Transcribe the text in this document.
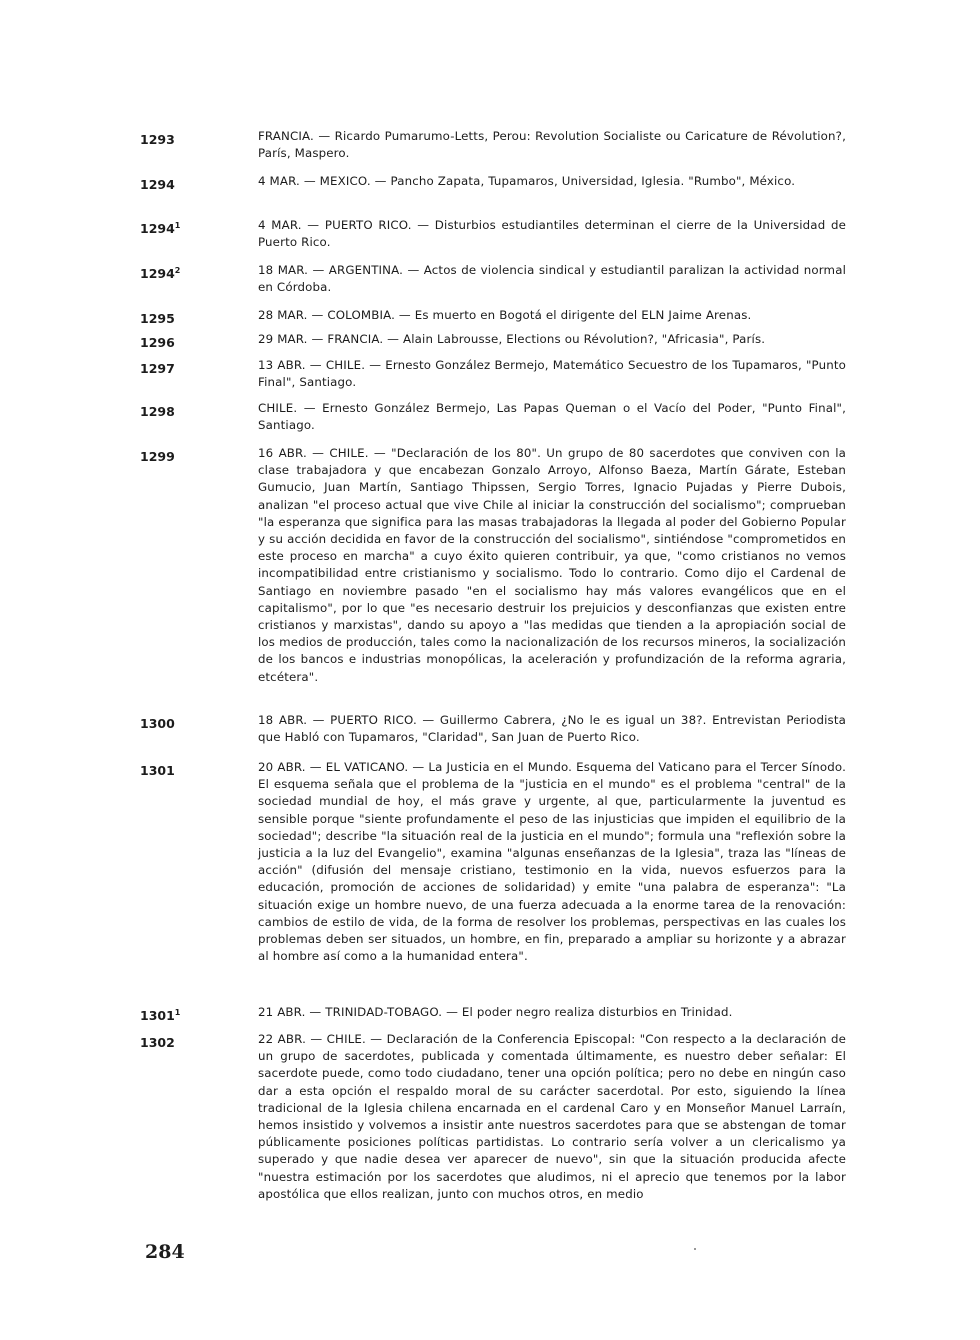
1293	FRANCIA. — Ricardo Pumarumo-Letts, Perou: Revolution Socialiste ou Caricature de Révolution?, París, Maspero.
1294	4 MAR. — MEXICO. — Pancho Zapata, Tupamaros, Universidad, Iglesia. "Rumbo", México.
1294$^1$	4 MAR. — PUERTO RICO. — Disturbios estudiantiles determinan el cierre de la Universidad de Puerto Rico.
1294$^2$	18 MAR. — ARGENTINA. — Actos de violencia sindical y estudiantil paralizan la actividad normal en Córdoba.
1295	28 MAR. — COLOMBIA. — Es muerto en Bogotá el dirigente del ELN Jaime Arenas.
1296	29 MAR. — FRANCIA. — Alain Labrousse, Elections ou Révolution?, "Africasia", París.
1297	13 ABR. — CHILE. — Ernesto González Bermejo, Matemático Secuestro de los Tupamaros, "Punto Final", Santiago.
1298	CHILE. — Ernesto González Bermejo, Las Papas Queman o el Vacío del Poder, "Punto Final", Santiago.
1299	16 ABR. — CHILE. — "Declaración de los 80". Un grupo de 80 sacerdotes que conviven con la clase trabajadora y que encabezan Gonzalo Arroyo, Alfonso Baeza, Martín Gárate, Esteban Gumucio, Juan Martín, Santiago Thipssen, Sergio Torres, Ignacio Pujadas y Pierre Dubois, analizan "el proceso actual que vive Chile al iniciar la construcción del socialismo"; comprueban "la esperanza que significa para las masas trabajadoras la llegada al poder del Gobierno Popular y su acción decidida en favor de la construcción del socialismo", sintiéndose "comprometidos en este proceso en marcha" a cuyo éxito quieren contribuir, ya que, "como cristianos no vemos incompatibilidad entre cristianismo y socialismo. Todo lo contrario. Como dijo el Cardenal de Santiago en noviembre pasado "en el socialismo hay más valores evangélicos que en el capitalismo", por lo que "es necesario destruir los prejuicios y desconfianzas que existen entre cristianos y marxistas", dando su apoyo a "las medidas que tienden a la apropiación social de los medios de producción, tales como la nacionalización de los recursos mineros, la socialización de los bancos e industrias monopólicas, la aceleración y profundización de la reforma agraria, etcétera".
1300	18 ABR. — PUERTO RICO. — Guillermo Cabrera, ¿No le es igual un 38?. Entrevistan Periodista que Habló con Tupamaros, "Claridad", San Juan de Puerto Rico.
1301	20 ABR. — EL VATICANO. — La Justicia en el Mundo. Esquema del Vaticano para el Tercer Sínodo. El esquema señala que el problema de la "justicia en el mundo" es el problema "central" de la sociedad mundial de hoy, el más grave y urgente, al que, particularmente la juventud es sensible porque "siente profundamente el peso de las injusticias que impiden el equilibrio de la sociedad"; describe "la situación real de la justicia en el mundo"; formula una "reflexión sobre la justicia a la luz del Evangelio", examina "algunas enseñanzas de la Iglesia", traza las "líneas de acción" (difusión del mensaje cristiano, testimonio en la vida, nuevos esfuerzos para la educación, promoción de acciones de solidaridad) y emite "una palabra de esperanza": "La situación exige un hombre nuevo, de una fuerza adecuada a la enorme tarea de la renovación: cambios de estilo de vida, de la forma de resolver los problemas, perspectivas en las cuales los problemas deben ser situados, un hombre, en fin, preparado a ampliar su horizonte y a abrazar al hombre así como a la humanidad entera".
1301$^1$	21 ABR. — TRINIDAD-TOBAGO. — El poder negro realiza disturbios en Trinidad.
1302	22 ABR. — CHILE. — Declaración de la Conferencia Episcopal: "Con respecto a la declaración de un grupo de sacerdotes, publicada y comentada últimamente, es nuestro deber señalar: El sacerdote puede, como todo ciudadano, tener una opción política; pero no debe en ningún caso dar a esta opción el respaldo moral de su carácter sacerdotal. Por esto, siguiendo la línea tradicional de la Iglesia chilena encarnada en el cardenal Caro y en Monseñor Manuel Larraín, hemos insistido y volvemos a insistir ante nuestros sacerdotes para que se abstengan de tomar públicamente posiciones políticas partidistas. Lo contrario sería volver a un clericalismo ya superado y que nadie desea ver aparecer de nuevo", sin que la situación producida afecte "nuestra estimación por los sacerdotes que aludimos, ni el aprecio que tenemos por la labor apostólica que ellos realizan, junto con muchos otros, en medio
284
